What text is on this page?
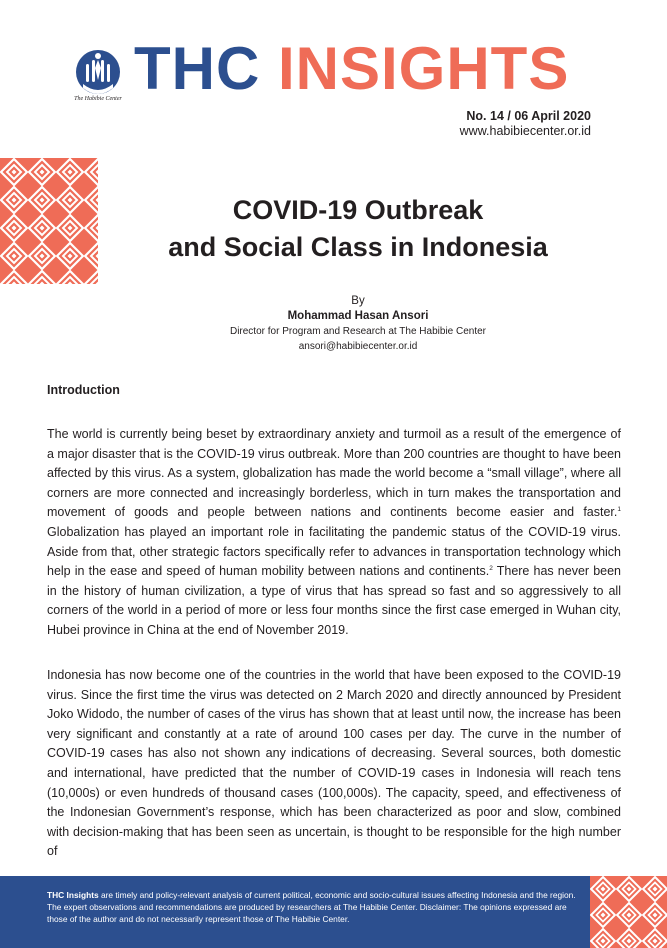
The Habibie Center THC INSIGHTS
No. 14 / 06 April 2020
www.habibiecenter.or.id
COVID-19 Outbreak
and Social Class in Indonesia
By
Mohammad Hasan Ansori
Director for Program and Research at The Habibie Center
ansori@habibiecenter.or.id
Introduction

The world is currently being beset by extraordinary anxiety and turmoil as a result of the emergence of a major disaster that is the COVID-19 virus outbreak. More than 200 countries are thought to have been affected by this virus. As a system, globalization has made the world become a “small village”, where all corners are more connected and increasingly borderless, which in turn makes the transportation and movement of goods and people between nations and continents become easier and faster.$^1$ Globalization has played an important role in facilitating the pandemic status of the COVID-19 virus. Aside from that, other strategic factors specifically refer to advances in transportation technology which help in the ease and speed of human mobility between nations and continents.$^2$ There has never been in the history of human civilization, a type of virus that has spread so fast and so aggressively to all corners of the world in a period of more or less four months since the first case emerged in Wuhan city, Hubei province in China at the end of November 2019.

Indonesia has now become one of the countries in the world that have been exposed to the COVID-19 virus. Since the first time the virus was detected on 2 March 2020 and directly announced by President Joko Widodo, the number of cases of the virus has shown that at least until now, the increase has been very significant and constantly at a rate of around 100 cases per day. The curve in the number of COVID-19 cases has also not shown any indications of decreasing. Several sources, both domestic and international, have predicted that the number of COVID-19 cases in Indonesia will reach tens (10,000s) or even hundreds of thousand cases (100,000s). The capacity, speed, and effectiveness of the Indonesian Government’s response, which has been characterized as poor and slow, combined with decision-making that has been seen as uncertain, is thought to be responsible for the high number of

THC Insights are timely and policy-relevant analysis of current political, economic and socio-cultural issues affecting Indonesia and the region. The expert observations and recommendations are produced by researchers at The Habibie Center. Disclaimer: The opinions expressed are those of the author and do not necessarily represent those of The Habibie Center.
